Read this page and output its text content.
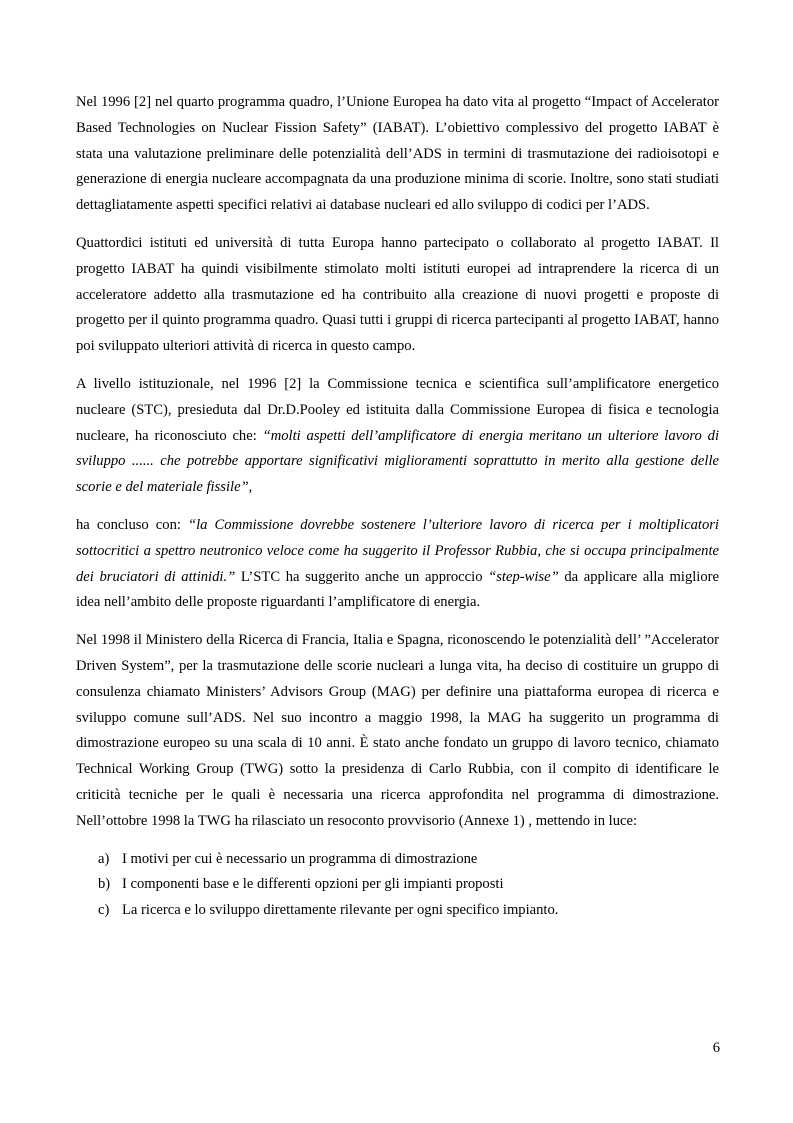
Nel 1996 [2] nel quarto programma quadro, l’Unione Europea ha dato vita al progetto “Impact of Accelerator Based Technologies on Nuclear Fission Safety” (IABAT). L’obiettivo complessivo del progetto IABAT è stata una valutazione preliminare delle potenzialità dell’ADS in termini di trasmutazione dei radioisotopi e generazione di energia nucleare accompagnata da una produzione minima di scorie. Inoltre, sono stati studiati dettagliatamente aspetti specifici relativi ai database nucleari ed allo sviluppo di codici per l’ADS.

Quattordici istituti ed università di tutta Europa hanno partecipato o collaborato al progetto IABAT. Il progetto IABAT ha quindi visibilmente stimolato molti istituti europei ad intraprendere la ricerca di un acceleratore addetto alla trasmutazione ed ha contribuito alla creazione di nuovi progetti e proposte di progetto per il quinto programma quadro. Quasi tutti i gruppi di ricerca partecipanti al progetto IABAT, hanno poi sviluppato ulteriori attività di ricerca in questo campo.

A livello istituzionale, nel 1996 [2] la Commissione tecnica e scientifica sull’amplificatore energetico nucleare (STC), presieduta dal Dr.D.Pooley ed istituita dalla Commissione Europea di fisica e tecnologia nucleare, ha riconosciuto che: “molti aspetti dell’amplificatore di energia meritano un ulteriore lavoro di sviluppo ...... che potrebbe apportare significativi miglioramenti soprattutto in merito alla gestione delle scorie e del materiale fissile”,

ha concluso con: “la Commissione dovrebbe sostenere l’ulteriore lavoro di ricerca per i moltiplicatori sottocritici a spettro neutronico veloce come ha suggerito il Professor Rubbia, che si occupa principalmente dei bruciatori di attinidi.” L’STC ha suggerito anche un approccio “step-wise” da applicare alla migliore idea nell’ambito delle proposte riguardanti l’amplificatore di energia.

Nel 1998 il Ministero della Ricerca di Francia, Italia e Spagna, riconoscendo le potenzialità dell’ ”Accelerator Driven System”, per la trasmutazione delle scorie nucleari a lunga vita, ha deciso di costituire un gruppo di consulenza chiamato Ministers’ Advisors Group (MAG) per definire una piattaforma europea di ricerca e sviluppo comune sull’ADS. Nel suo incontro a maggio 1998, la MAG ha suggerito un programma di dimostrazione europeo su una scala di 10 anni. È stato anche fondato un gruppo di lavoro tecnico, chiamato Technical Working Group (TWG) sotto la presidenza di Carlo Rubbia, con il compito di identificare le criticità tecniche per le quali è necessaria una ricerca approfondita nel programma di dimostrazione. Nell’ottobre 1998 la TWG ha rilasciato un resoconto provvisorio (Annexe 1) , mettendo in luce:

a) I motivi per cui è necessario un programma di dimostrazione
b) I componenti base e le differenti opzioni per gli impianti proposti
c) La ricerca e lo sviluppo direttamente rilevante per ogni specifico impianto.
6
